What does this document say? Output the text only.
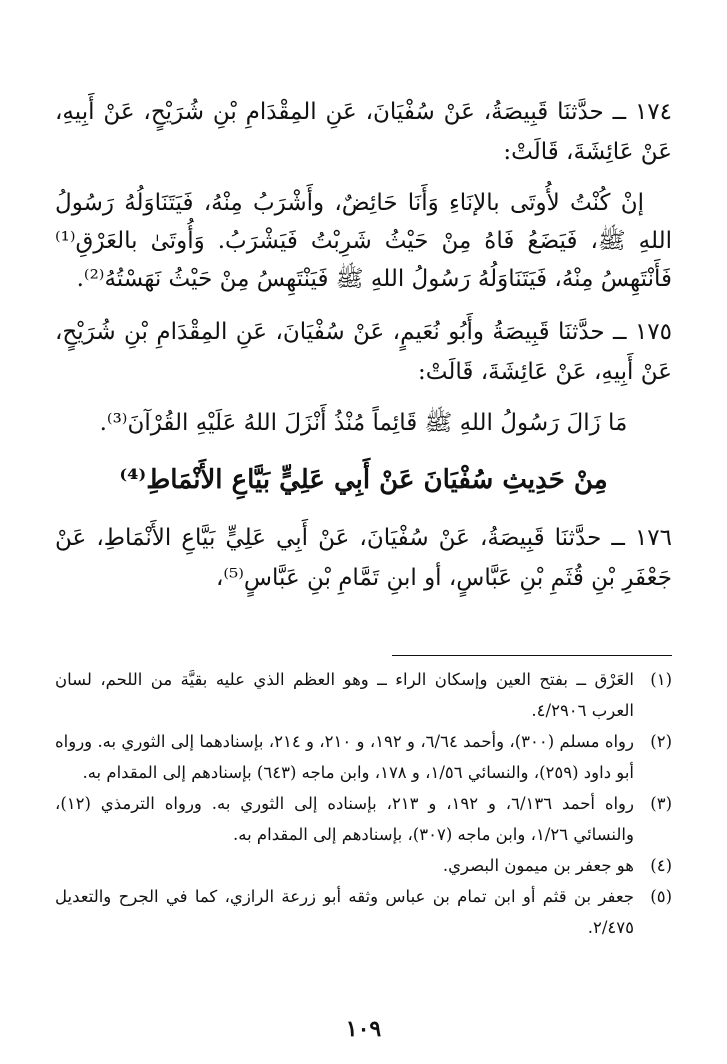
١٧٤ ــ حدَّثنَا قَبِيصَةُ، عَنْ سُفْيَانَ، عَنِ المِقْدَامِ بْنِ شُرَيْحٍ، عَنْ أَبِيهِ، عَنْ عَائِشَةَ، قَالَتْ:

إنْ كُنْتُ لأُوتَى بالإنَاءِ وَأَنَا حَائِضٌ، وأَشْرَبُ مِنْهُ، فَيَتَنَاوَلُهُ رَسُولُ اللهِ ﷺ، فَيَضَعُ فَاهُ مِنْ حَيْثُ شَرِبْتُ فَيَشْرَبُ. وَأُوتَىٰ بالعَرْقِ⁽¹⁾ فَأَنْتَهِسُ مِنْهُ، فَيَتَنَاوَلُهُ رَسُولُ اللهِ ﷺ فَيَنْتَهِسُ مِنْ حَيْثُ نَهَسْتُهُ⁽²⁾.

١٧٥ ــ حدَّثنَا قَبِيصَةُ وأَبُو نُعَيمٍ، عَنْ سُفْيَانَ، عَنِ المِقْدَامِ بْنِ شُرَيْحٍ، عَنْ أَبِيهِ، عَنْ عَائِشَةَ، قَالَتْ:

مَا زَالَ رَسُولُ اللهِ ﷺ قَائِماً مُنْذُ أَنْزَلَ اللهُ عَلَيْهِ القُرْآنَ⁽³⁾.

مِنْ حَدِيثِ سُفْيَانَ عَنْ أَبِي عَلِيٍّ بَيَّاعِ الأَنْمَاطِ⁽⁴⁾

١٧٦ ــ حدَّثنَا قَبِيصَةُ، عَنْ سُفْيَانَ، عَنْ أَبِي عَلِيٍّ بَيَّاعِ الأَنْمَاطِ، عَنْ جَعْفَرِ بْنِ قُثَمِ بْنِ عَبَّاسٍ، أو ابنِ تَمَّامِ بْنِ عَبَّاسٍ⁽⁵⁾،

(١)
العَرْق ــ بفتح العين وإسكان الراء ــ وهو العظم الذي عليه بقيَّة من اللحم، لسان العرب ٤/٢٩٠٦.
(٢)
رواه مسلم (٣٠٠)، وأحمد ٦/٦٤، و ١٩٢، و ٢١٠، و ٢١٤، بإسنادهما إلى الثوري به. ورواه أبو داود (٢٥٩)، والنسائي ١/٥٦، و ١٧٨، وابن ماجه (٦٤٣) بإسنادهم إلى المقدام به.
(٣)
رواه أحمد ٦/١٣٦، و ١٩٢، و ٢١٣، بإسناده إلى الثوري به. ورواه الترمذي (١٢)، والنسائي ١/٢٦، وابن ماجه (٣٠٧)، بإسنادهم إلى المقدام به.
(٤)
هو جعفر بن ميمون البصري.
(٥)
جعفر بن قثم أو ابن تمام بن عباس وثقه أبو زرعة الرازي، كما في الجرح والتعديل ٢/٤٧٥.
١٠٩
